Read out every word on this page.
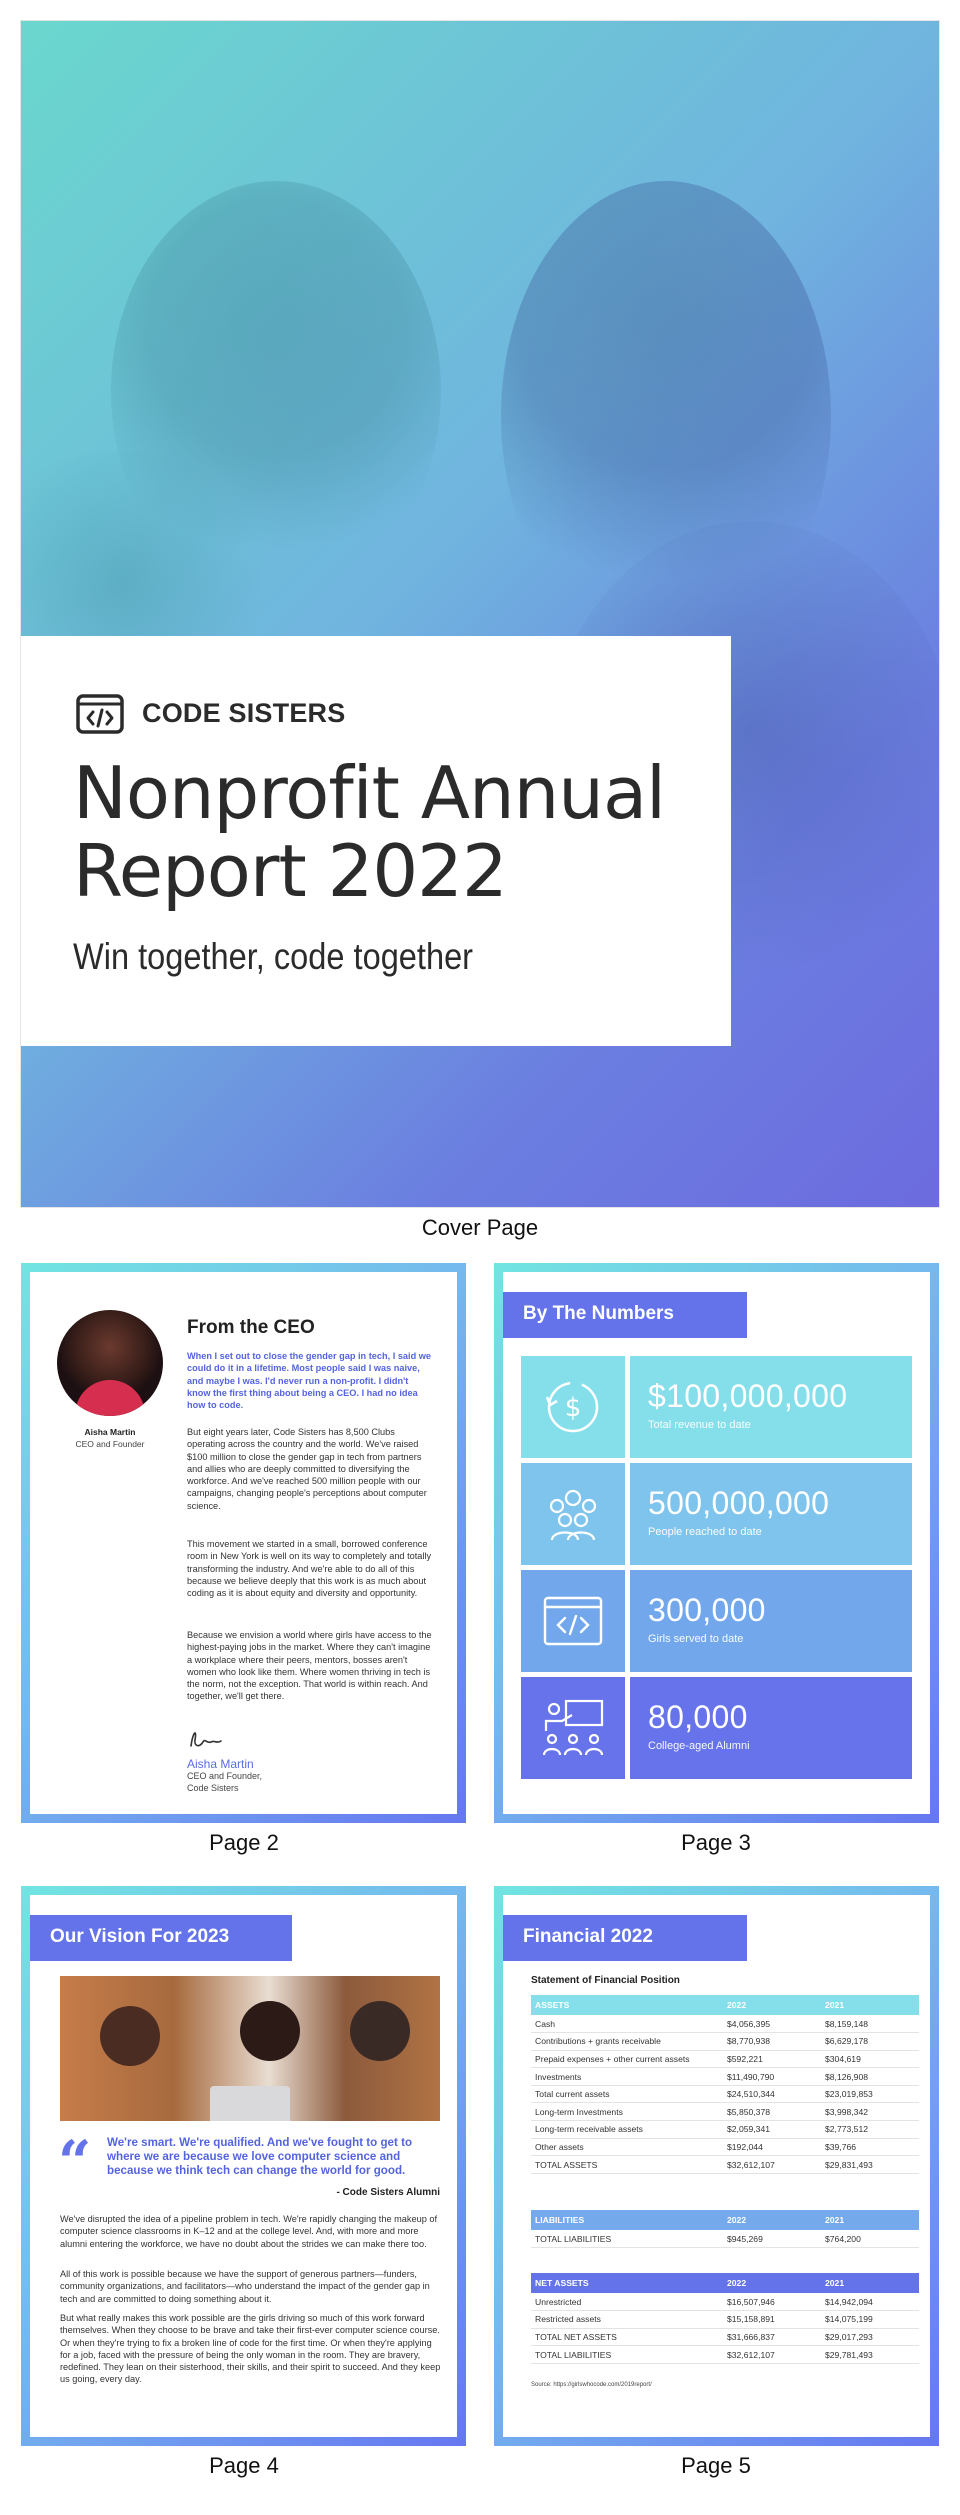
CODE SISTERS
Nonprofit Annual
Report 2022
Win together, code together
Cover Page
Aisha Martin
CEO and Founder
From the CEO
When I set out to close the gender gap in tech, I said we could do it in a lifetime. Most people said I was naive, and maybe I was. I'd never run a non-profit. I didn't know the first thing about being a CEO. I had no idea how to code.
But eight years later, Code Sisters has 8,500 Clubs operating across the country and the world. We've raised $100 million to close the gender gap in tech from partners and allies who are deeply committed to diversifying the workforce. And we've reached 500 million people with our campaigns, changing people's perceptions about computer science.
This movement we started in a small, borrowed conference room in New York is well on its way to completely and totally transforming the industry. And we're able to do all of this because we believe deeply that this work is as much about coding as it is about equity and diversity and opportunity.
Because we envision a world where girls have access to the highest-paying jobs in the market. Where they can't imagine a workplace where their peers, mentors, bosses aren't women who look like them. Where women thriving in tech is the norm, not the exception. That world is within reach. And together, we'll get there.
Aisha Martin
CEO and Founder,
Code Sisters
Page 2
By The Numbers
$ $100,000,000
Total revenue to date
500,000,000
People reached to date
300,000
Girls served to date
80,000
College-aged Alumni
Page 3
Our Vision For 2023
“ We're smart. We're qualified. And we've fought to get to where we are because we love computer science and because we think tech can change the world for good.
- Code Sisters Alumni
We've disrupted the idea of a pipeline problem in tech. We're rapidly changing the makeup of computer science classrooms in K–12 and at the college level. And, with more and more alumni entering the workforce, we have no doubt about the strides we can make there too.
All of this work is possible because we have the support of generous partners—funders, community organizations, and facilitators—who understand the impact of the gender gap in tech and are committed to doing something about it.
But what really makes this work possible are the girls driving so much of this work forward themselves. When they choose to be brave and take their first-ever computer science course. Or when they're trying to fix a broken line of code for the first time. Or when they're applying for a job, faced with the pressure of being the only woman in the room. They are bravery, redefined. They lean on their sisterhood, their skills, and their spirit to succeed. And they keep us going, every day.
Page 4
Financial 2022
Statement of Financial Position
ASSETS	2022	2021
Cash	$4,056,395	$8,159,148
Contributions + grants receivable	$8,770,938	$6,629,178
Prepaid expenses + other current assets	$592,221	$304,619
Investments	$11,490,790	$8,126,908
Total current assets	$24,510,344	$23,019,853
Long-term Investments	$5,850,378	$3,998,342
Long-term receivable assets	$2,059,341	$2,773,512
Other assets	$192,044	$39,766
TOTAL ASSETS	$32,612,107	$29,831,493
LIABILITIES	2022	2021
TOTAL LIABILITIES	$945,269	$764,200
NET ASSETS	2022	2021
Unrestricted	$16,507,946	$14,942,094
Restricted assets	$15,158,891	$14,075,199
TOTAL NET ASSETS	$31,666,837	$29,017,293
TOTAL LIABILITIES	$32,612,107	$29,781,493
Source: https://girlswhocode.com/2019report/
Page 5
